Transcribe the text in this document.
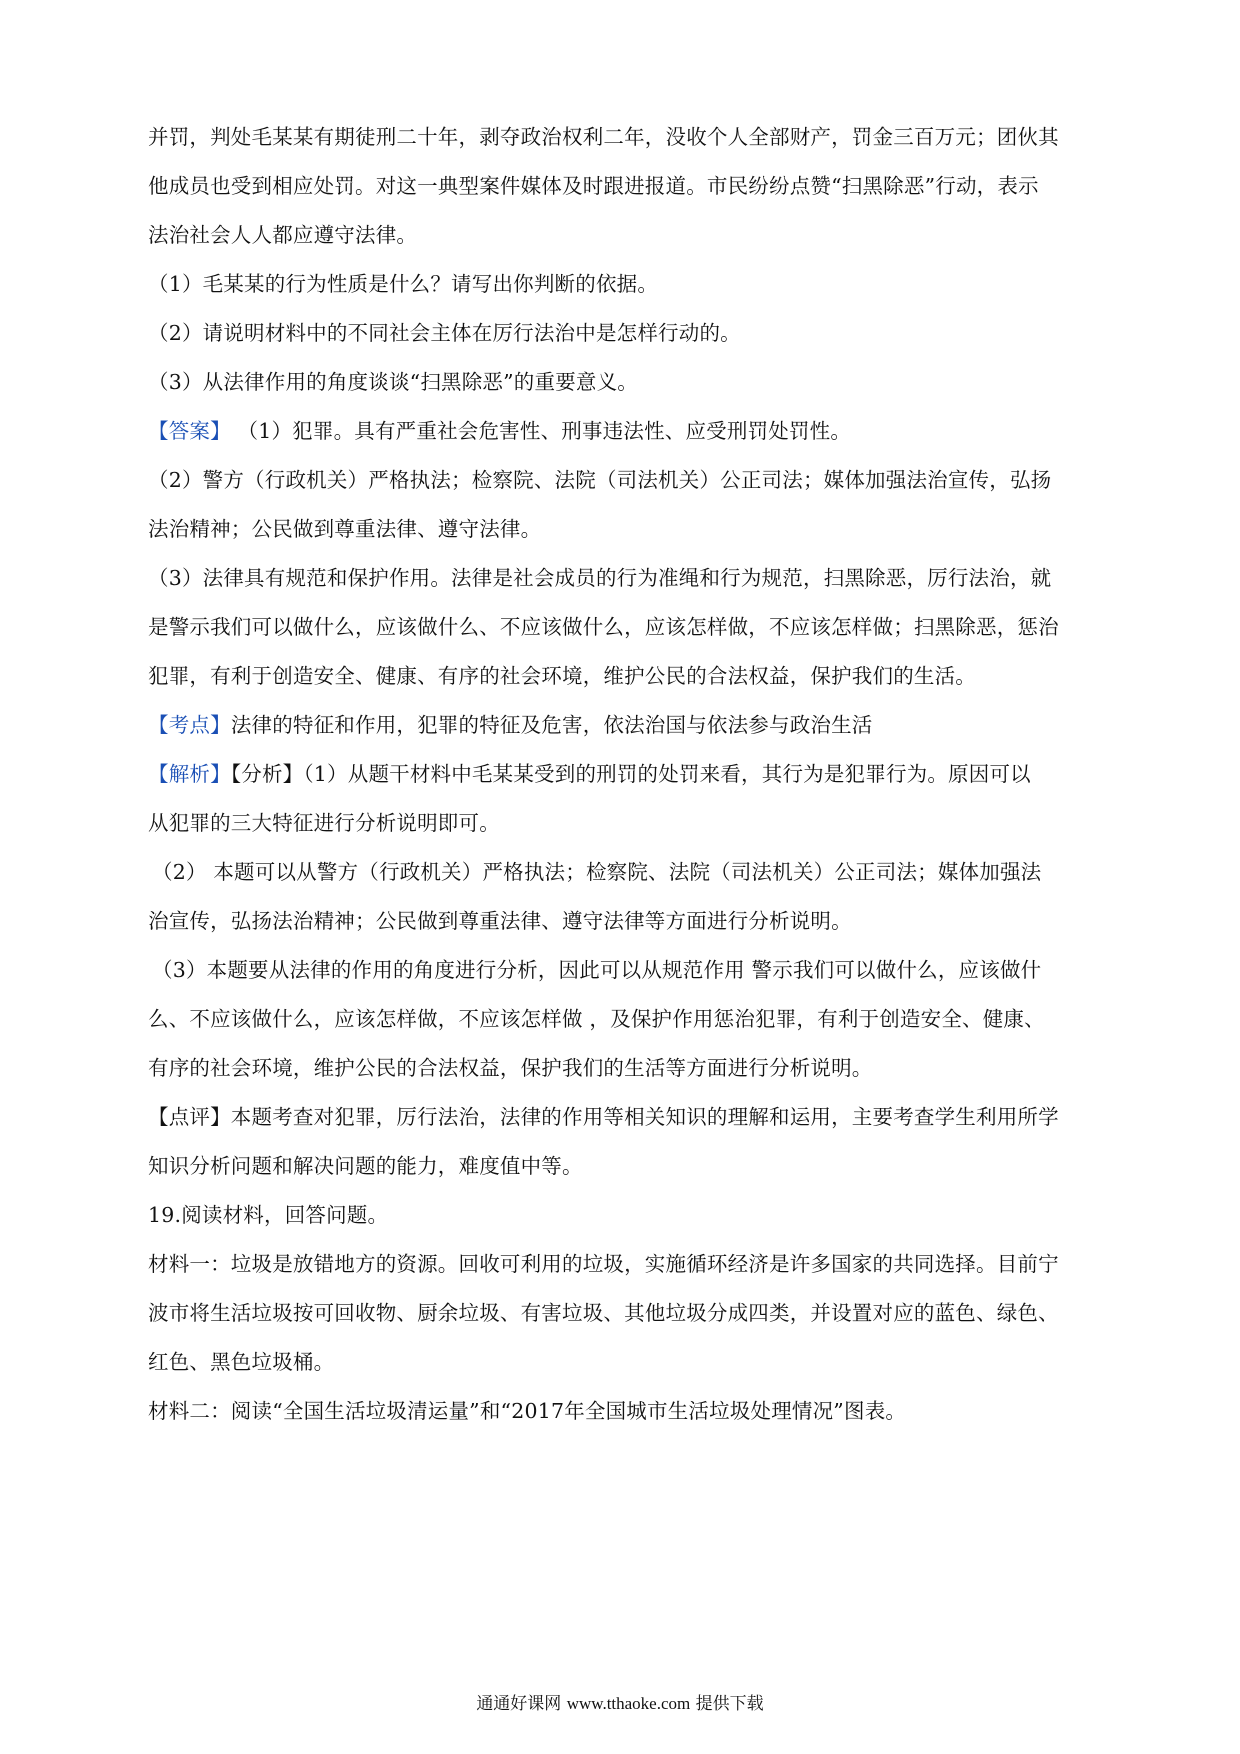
并罚，判处毛某某有期徒刑二十年，剥夺政治权利二年，没收个人全部财产，罚金三百万元；团伙其

他成员也受到相应处罚。对这一典型案件媒体及时跟进报道。市民纷纷点赞“扫黑除恶”行动，表示

法治社会人人都应遵守法律。

（1）毛某某的行为性质是什么？请写出你判断的依据。

（2）请说明材料中的不同社会主体在厉行法治中是怎样行动的。

（3）从法律作用的角度谈谈“扫黑除恶”的重要意义。

【答案】 （1）犯罪。具有严重社会危害性、刑事违法性、应受刑罚处罚性。

（2）警方（行政机关）严格执法；检察院、法院（司法机关）公正司法；媒体加强法治宣传，弘扬

法治精神；公民做到尊重法律、遵守法律。

（3）法律具有规范和保护作用。法律是社会成员的行为准绳和行为规范，扫黑除恶，厉行法治，就

是警示我们可以做什么，应该做什么、不应该做什么，应该怎样做，不应该怎样做；扫黑除恶，惩治

犯罪，有利于创造安全、健康、有序的社会环境，维护公民的合法权益，保护我们的生活。

【考点】法律的特征和作用，犯罪的特征及危害，依法治国与依法参与政治生活

【解析】【分析】（1）从题干材料中毛某某受到的刑罚的处罚来看，其行为是犯罪行为。原因可以

从犯罪的三大特征进行分析说明即可。

（2） 本题可以从警方（行政机关）严格执法；检察院、法院（司法机关）公正司法；媒体加强法

治宣传，弘扬法治精神；公民做到尊重法律、遵守法律等方面进行分析说明。

（3）本题要从法律的作用的角度进行分析，因此可以从规范作用 警示我们可以做什么，应该做什

么、不应该做什么，应该怎样做，不应该怎样做 ，及保护作用惩治犯罪，有利于创造安全、健康、

有序的社会环境，维护公民的合法权益，保护我们的生活等方面进行分析说明。

【点评】本题考查对犯罪，厉行法治，法律的作用等相关知识的理解和运用，主要考查学生利用所学

知识分析问题和解决问题的能力，难度值中等。

19.阅读材料，回答问题。

材料一：垃圾是放错地方的资源。回收可利用的垃圾，实施循环经济是许多国家的共同选择。目前宁

波市将生活垃圾按可回收物、厨余垃圾、有害垃圾、其他垃圾分成四类，并设置对应的蓝色、绿色、

红色、黑色垃圾桶。

材料二：阅读“全国生活垃圾清运量”和“2017年全国城市生活垃圾处理情况”图表。

通通好课网 www.tthaoke.com 提供下载
